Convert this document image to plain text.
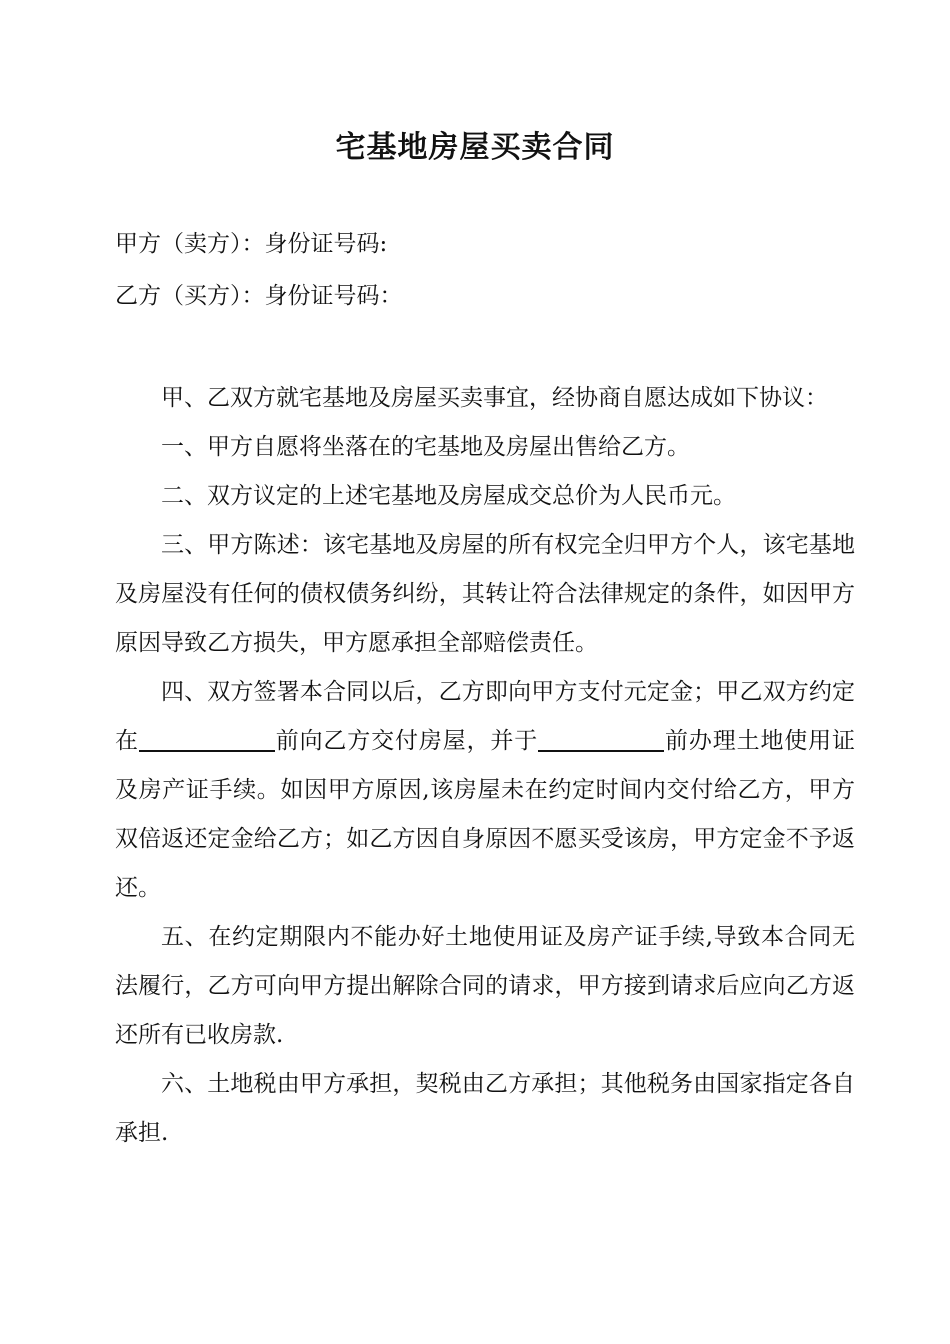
宅基地房屋买卖合同
甲方（卖方）：身份证号码:
乙方（买方）：身份证号码：

甲、乙双方就宅基地及房屋买卖事宜，经协商自愿达成如下协议：

一、甲方自愿将坐落在的宅基地及房屋出售给乙方。

二、双方议定的上述宅基地及房屋成交总价为人民币元。

三、甲方陈述：该宅基地及房屋的所有权完全归甲方个人，该宅基地及房屋没有任何的债权债务纠纷，其转让符合法律规定的条件，如因甲方原因导致乙方损失，甲方愿承担全部赔偿责任。

四、双方签署本合同以后，乙方即向甲方支付元定金；甲乙双方约定在	前向乙方交付房屋，并于	前办理土地使用证及房产证手续。如因甲方原因,该房屋未在约定时间内交付给乙方，甲方双倍返还定金给乙方；如乙方因自身原因不愿买受该房，甲方定金不予返还。

五、在约定期限内不能办好土地使用证及房产证手续,导致本合同无法履行，乙方可向甲方提出解除合同的请求，甲方接到请求后应向乙方返还所有已收房款.

六、土地税由甲方承担，契税由乙方承担；其他税务由国家指定各自承担.
